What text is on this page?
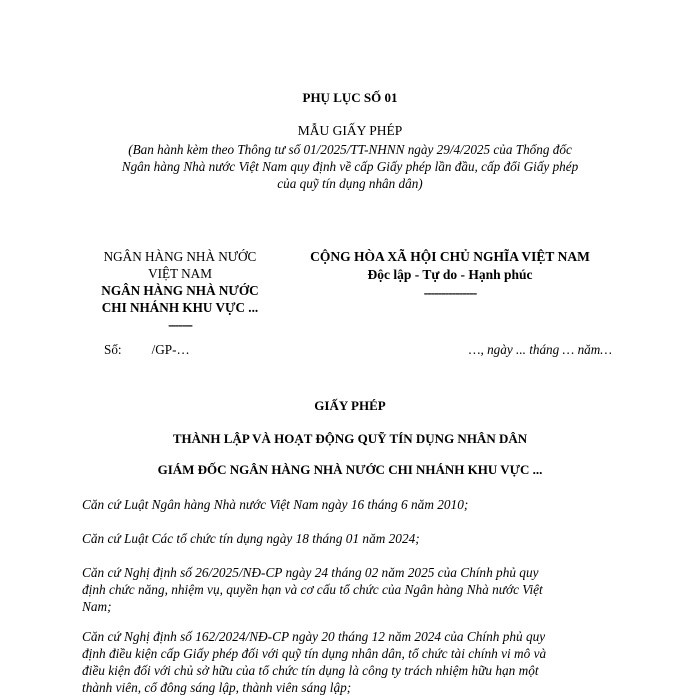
PHỤ LỤC SỐ 01
MẪU GIẤY PHÉP
(Ban hành kèm theo Thông tư số 01/2025/TT-NHNN ngày 29/4/2025 của Thống đốc
Ngân hàng Nhà nước Việt Nam quy định về cấp Giấy phép lần đầu, cấp đổi Giấy phép
của quỹ tín dụng nhân dân)
NGÂN HÀNG NHÀ NƯỚC
VIỆT NAM
NGÂN HÀNG NHÀ NƯỚC
CHI NHÁNH KHU VỰC ...
-------
CỘNG HÒA XÃ HỘI CHỦ NGHĨA VIỆT NAM
Độc lập - Tự do - Hạnh phúc
---------------
Số: /GP-…	…, ngày ... tháng … năm…
GIẤY PHÉP
THÀNH LẬP VÀ HOẠT ĐỘNG QUỸ TÍN DỤNG NHÂN DÂN
GIÁM ĐỐC NGÂN HÀNG NHÀ NƯỚC CHI NHÁNH KHU VỰC ...
Căn cứ Luật Ngân hàng Nhà nước Việt Nam ngày 16 tháng 6 năm 2010;
Căn cứ Luật Các tổ chức tín dụng ngày 18 tháng 01 năm 2024;
Căn cứ Nghị định số 26/2025/NĐ-CP ngày 24 tháng 02 năm 2025 của Chính phủ quy
định chức năng, nhiệm vụ, quyền hạn và cơ cấu tổ chức của Ngân hàng Nhà nước Việt
Nam;
Căn cứ Nghị định số 162/2024/NĐ-CP ngày 20 tháng 12 năm 2024 của Chính phủ quy
định điều kiện cấp Giấy phép đối với quỹ tín dụng nhân dân, tổ chức tài chính vi mô và
điều kiện đối với chủ sở hữu của tổ chức tín dụng là công ty trách nhiệm hữu hạn một
thành viên, cổ đông sáng lập, thành viên sáng lập;
